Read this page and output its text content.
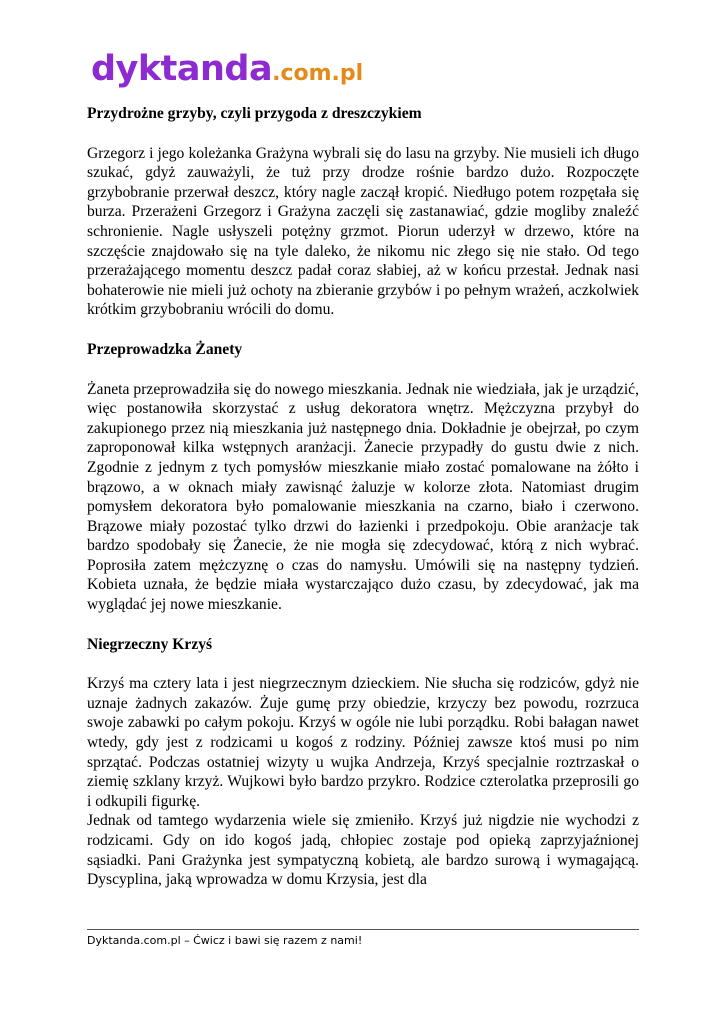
dyktanda.com.pl
Przydrożne grzyby, czyli przygoda z dreszczykiem

Grzegorz i jego koleżanka Grażyna wybrali się do lasu na grzyby. Nie musieli ich długo szukać, gdyż zauważyli, że tuż przy drodze rośnie bardzo dużo. Rozpoczęte grzybobranie przerwał deszcz, który nagle zaczął kropić. Niedługo potem rozpętała się burza. Przerażeni Grzegorz i Grażyna zaczęli się zastanawiać, gdzie mogliby znaleźć schronienie. Nagle usłyszeli potężny grzmot. Piorun uderzył w drzewo, które na szczęście znajdowało się na tyle daleko, że nikomu nic złego się nie stało. Od tego przerażającego momentu deszcz padał coraz słabiej, aż w końcu przestał. Jednak nasi bohaterowie nie mieli już ochoty na zbieranie grzybów i po pełnym wrażeń, aczkolwiek krótkim grzybobraniu wrócili do domu.

Przeprowadzka Żanety

Żaneta przeprowadziła się do nowego mieszkania. Jednak nie wiedziała, jak je urządzić, więc postanowiła skorzystać z usług dekoratora wnętrz. Mężczyzna przybył do zakupionego przez nią mieszkania już następnego dnia. Dokładnie je obejrzał, po czym zaproponował kilka wstępnych aranżacji. Żanecie przypadły do gustu dwie z nich. Zgodnie z jednym z tych pomysłów mieszkanie miało zostać pomalowane na żółto i brązowo, a w oknach miały zawisnąć żaluzje w kolorze złota. Natomiast drugim pomysłem dekoratora było pomalowanie mieszkania na czarno, biało i czerwono. Brązowe miały pozostać tylko drzwi do łazienki i przedpokoju. Obie aranżacje tak bardzo spodobały się Żanecie, że nie mogła się zdecydować, którą z nich wybrać. Poprosiła zatem mężczyznę o czas do namysłu. Umówili się na następny tydzień. Kobieta uznała, że będzie miała wystarczająco dużo czasu, by zdecydować, jak ma wyglądać jej nowe mieszkanie.

Niegrzeczny Krzyś

Krzyś ma cztery lata i jest niegrzecznym dzieckiem. Nie słucha się rodziców, gdyż nie uznaje żadnych zakazów. Żuje gumę przy obiedzie, krzyczy bez powodu, rozrzuca swoje zabawki po całym pokoju. Krzyś w ogóle nie lubi porządku. Robi bałagan nawet wtedy, gdy jest z rodzicami u kogoś z rodziny. Później zawsze ktoś musi po nim sprzątać. Podczas ostatniej wizyty u wujka Andrzeja, Krzyś specjalnie roztrzaskał o ziemię szklany krzyż. Wujkowi było bardzo przykro. Rodzice czterolatka przeprosili go i odkupili figurkę.

Jednak od tamtego wydarzenia wiele się zmieniło. Krzyś już nigdzie nie wychodzi z rodzicami. Gdy on ido kogoś jadą, chłopiec zostaje pod opieką zaprzyjaźnionej sąsiadki. Pani Grażynka jest sympatyczną kobietą, ale bardzo surową i wymagającą. Dyscyplina, jaką wprowadza w domu Krzysia, jest dla

Dyktanda.com.pl – Ćwicz i bawi się razem z nami!
